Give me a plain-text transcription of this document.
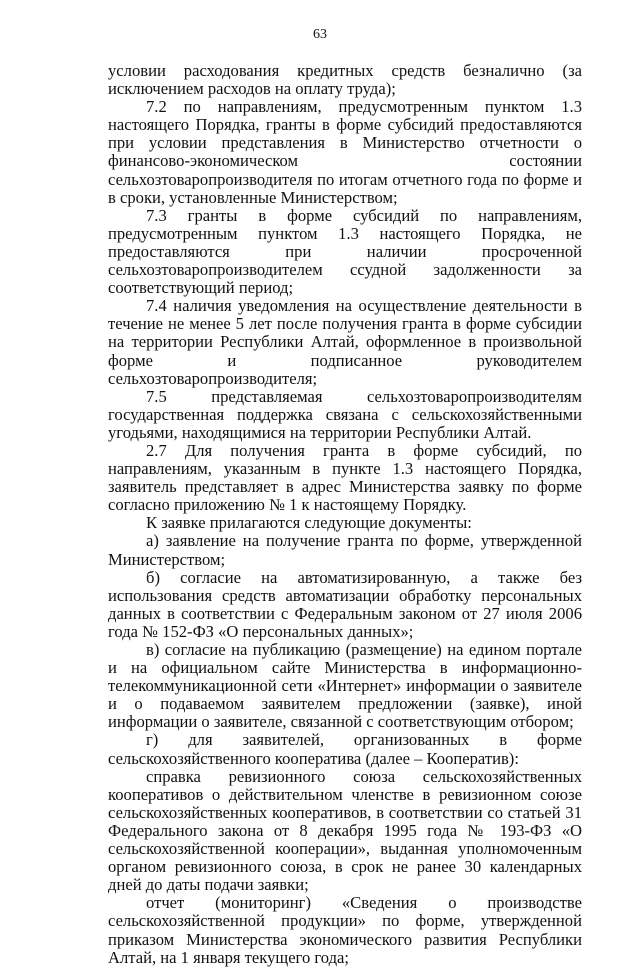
63

условии расходования кредитных средств безналично (за исключением расходов на оплату труда);

7.2 по направлениям, предусмотренным пунктом 1.3 настоящего Порядка, гранты в форме субсидий предоставляются при условии представления в Министерство отчетности о финансово-экономическом состоянии сельхозтоваропроизводителя по итогам отчетного года по форме и в сроки, установленные Министерством;

7.3 гранты в форме субсидий по направлениям, предусмотренным пунктом 1.3 настоящего Порядка, не предоставляются при наличии просроченной сельхозтоваропроизводителем ссудной задолженности за соответствующий период;

7.4 наличия уведомления на осуществление деятельности в течение не менее 5 лет после получения гранта в форме субсидии на территории Республики Алтай, оформленное в произвольной форме и подписанное руководителем сельхозтоваропроизводителя;

7.5 представляемая сельхозтоваропроизводителям государственная поддержка связана с сельскохозяйственными угодьями, находящимися на территории Республики Алтай.

2.7 Для получения гранта в форме субсидий, по направлениям, указанным в пункте 1.3 настоящего Порядка, заявитель представляет в адрес Министерства заявку по форме согласно приложению № 1 к настоящему Порядку.

К заявке прилагаются следующие документы:

а) заявление на получение гранта по форме, утвержденной Министерством;

б) согласие на автоматизированную, а также без использования средств автоматизации обработку персональных данных в соответствии с Федеральным законом от 27 июля 2006 года № 152-ФЗ «О персональных данных»;

в) согласие на публикацию (размещение) на едином портале и на официальном сайте Министерства в информационно-телекоммуникационной сети «Интернет» информации о заявителе и о подаваемом заявителем предложении (заявке), иной информации о заявителе, связанной с соответствующим отбором;

г) для заявителей, организованных в форме сельскохозяйственного кооператива (далее – Кооператив):

справка ревизионного союза сельскохозяйственных кооперативов о действительном членстве в ревизионном союзе сельскохозяйственных кооперативов, в соответствии со статьей 31 Федерального закона от 8 декабря 1995 года № 193-ФЗ «О сельскохозяйственной кооперации», выданная уполномоченным органом ревизионного союза, в срок не ранее 30 календарных дней до даты подачи заявки;

отчет (мониторинг) «Сведения о производстве сельскохозяйственной продукции» по форме, утвержденной приказом Министерства экономического развития Республики Алтай, на 1 января текущего года;
